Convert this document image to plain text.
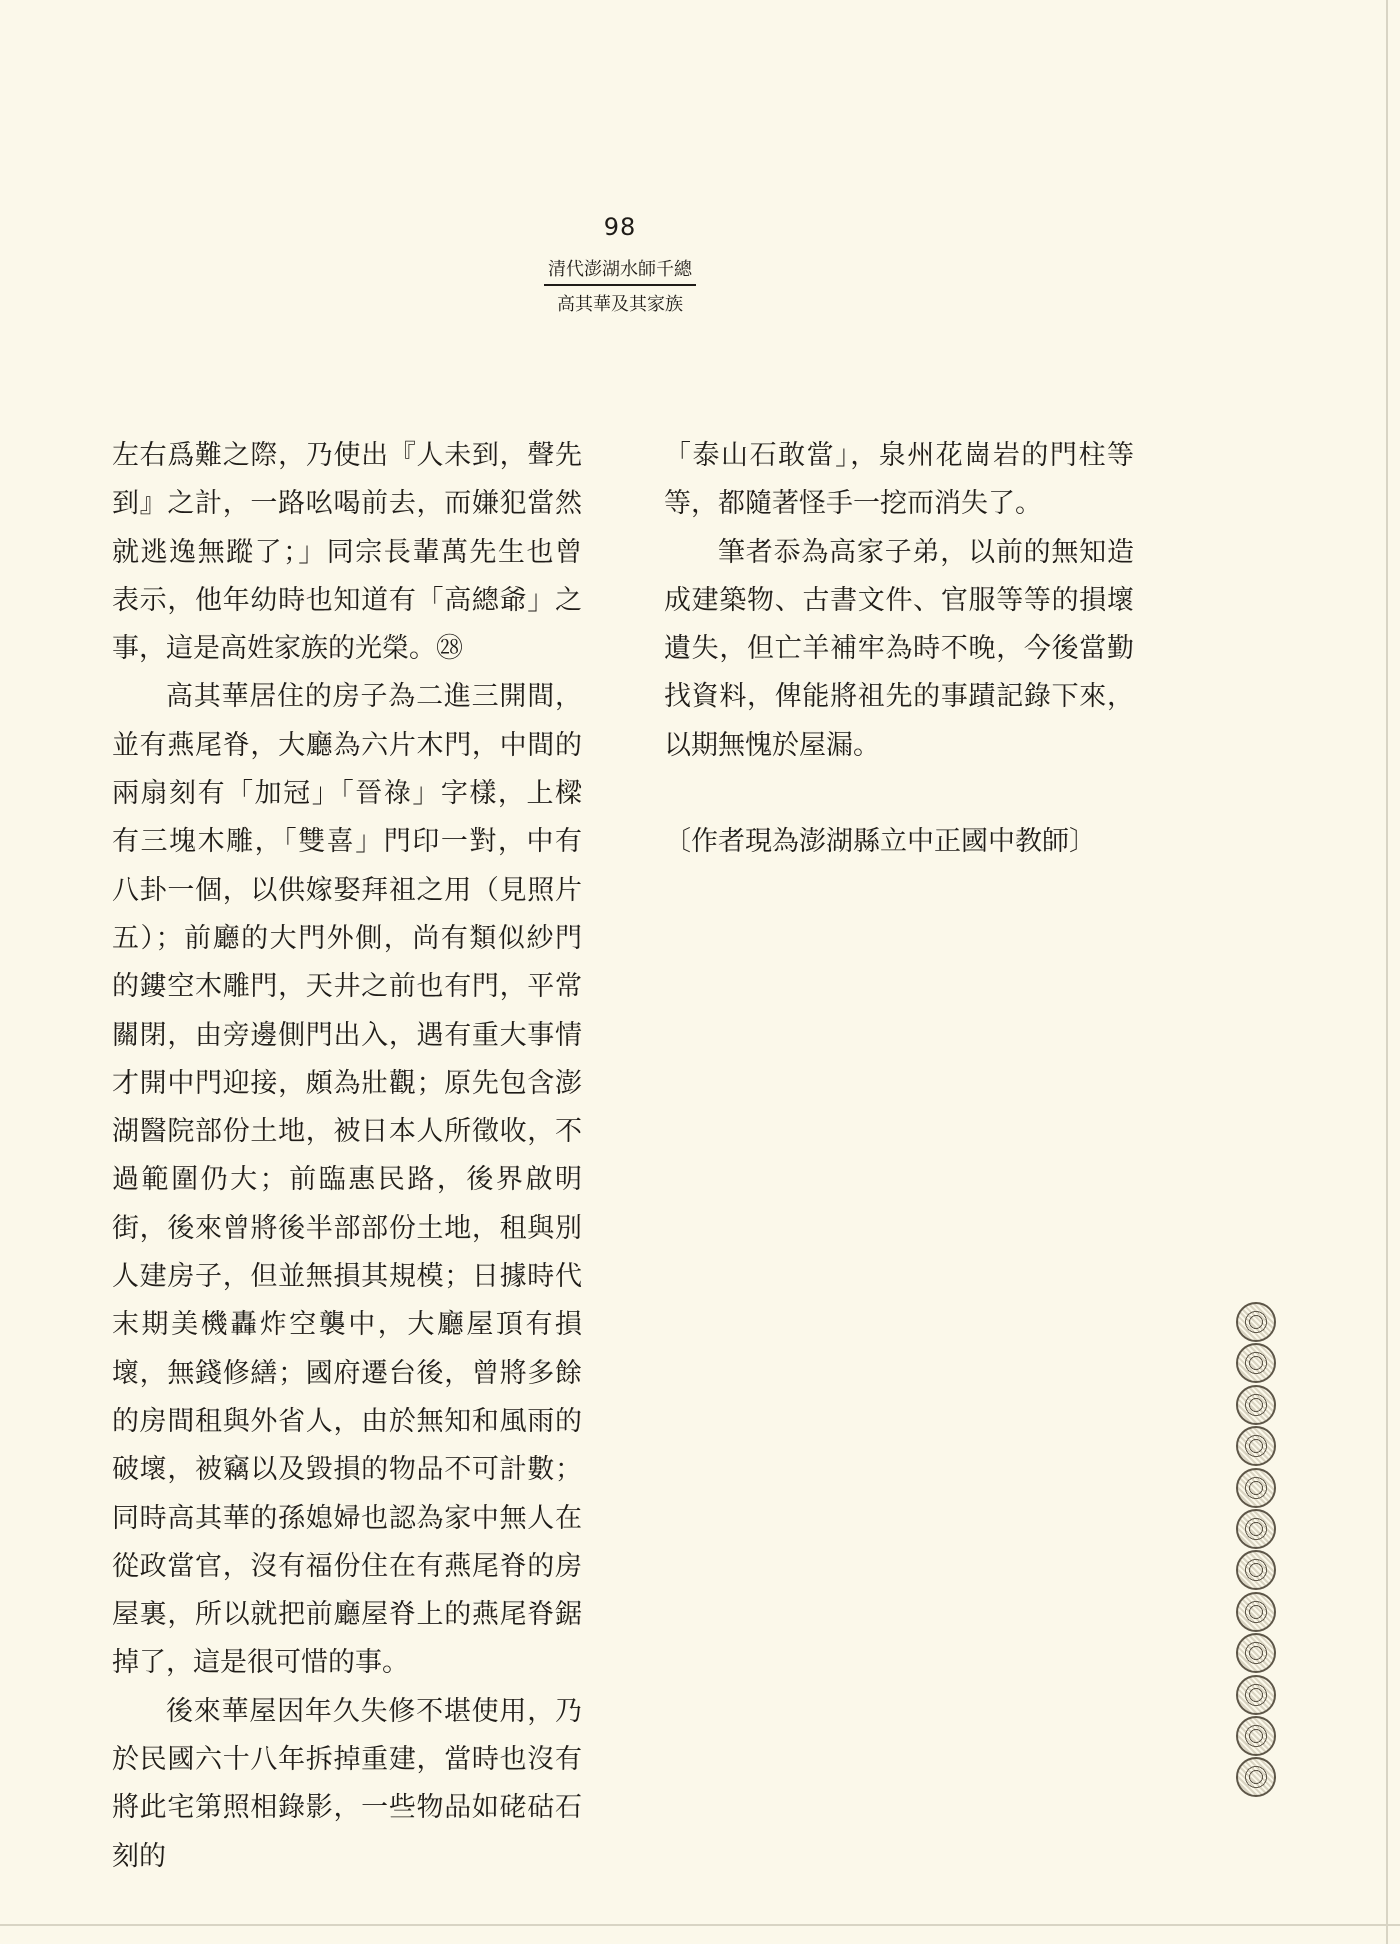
98
清代澎湖水師千總
高其華及其家族

左右爲難之際，乃使出『人未到，聲先到』之計，一路吆喝前去，而嫌犯當然就逃逸無蹤了；」同宗長輩萬先生也曾表示，他年幼時也知道有「高總爺」之事，這是高姓家族的光榮。㉘

高其華居住的房子為二進三開間，並有燕尾脊，大廳為六片木門，中間的兩扇刻有「加冠」「晉祿」字樣，上樑有三塊木雕，「雙喜」門印一對，中有八卦一個，以供嫁娶拜祖之用（見照片五）；前廳的大門外側，尚有類似紗門的鏤空木雕門，天井之前也有門，平常關閉，由旁邊側門出入，遇有重大事情才開中門迎接，頗為壯觀；原先包含澎湖醫院部份土地，被日本人所徵收，不過範圍仍大；前臨惠民路，後界啟明街，後來曾將後半部部份土地，租與別人建房子，但並無損其規模；日據時代末期美機轟炸空襲中，大廳屋頂有損壞，無錢修繕；國府遷台後，曾將多餘的房間租與外省人，由於無知和風雨的破壞，被竊以及毀損的物品不可計數；同時高其華的孫媳婦也認為家中無人在從政當官，沒有福份住在有燕尾脊的房屋裏，所以就把前廳屋脊上的燕尾脊鋸掉了，這是很可惜的事。

後來華屋因年久失修不堪使用，乃於民國六十八年拆掉重建，當時也沒有將此宅第照相錄影，一些物品如硓𥑮石刻的

「泰山石敢當」，泉州花崗岩的門柱等等，都隨著怪手一挖而消失了。

筆者忝為高家子弟，以前的無知造成建築物、古書文件、官服等等的損壞遺失，但亡羊補牢為時不晚，今後當勤找資料，俾能將祖先的事蹟記錄下來，以期無愧於屋漏。

〔作者現為澎湖縣立中正國中教師〕
